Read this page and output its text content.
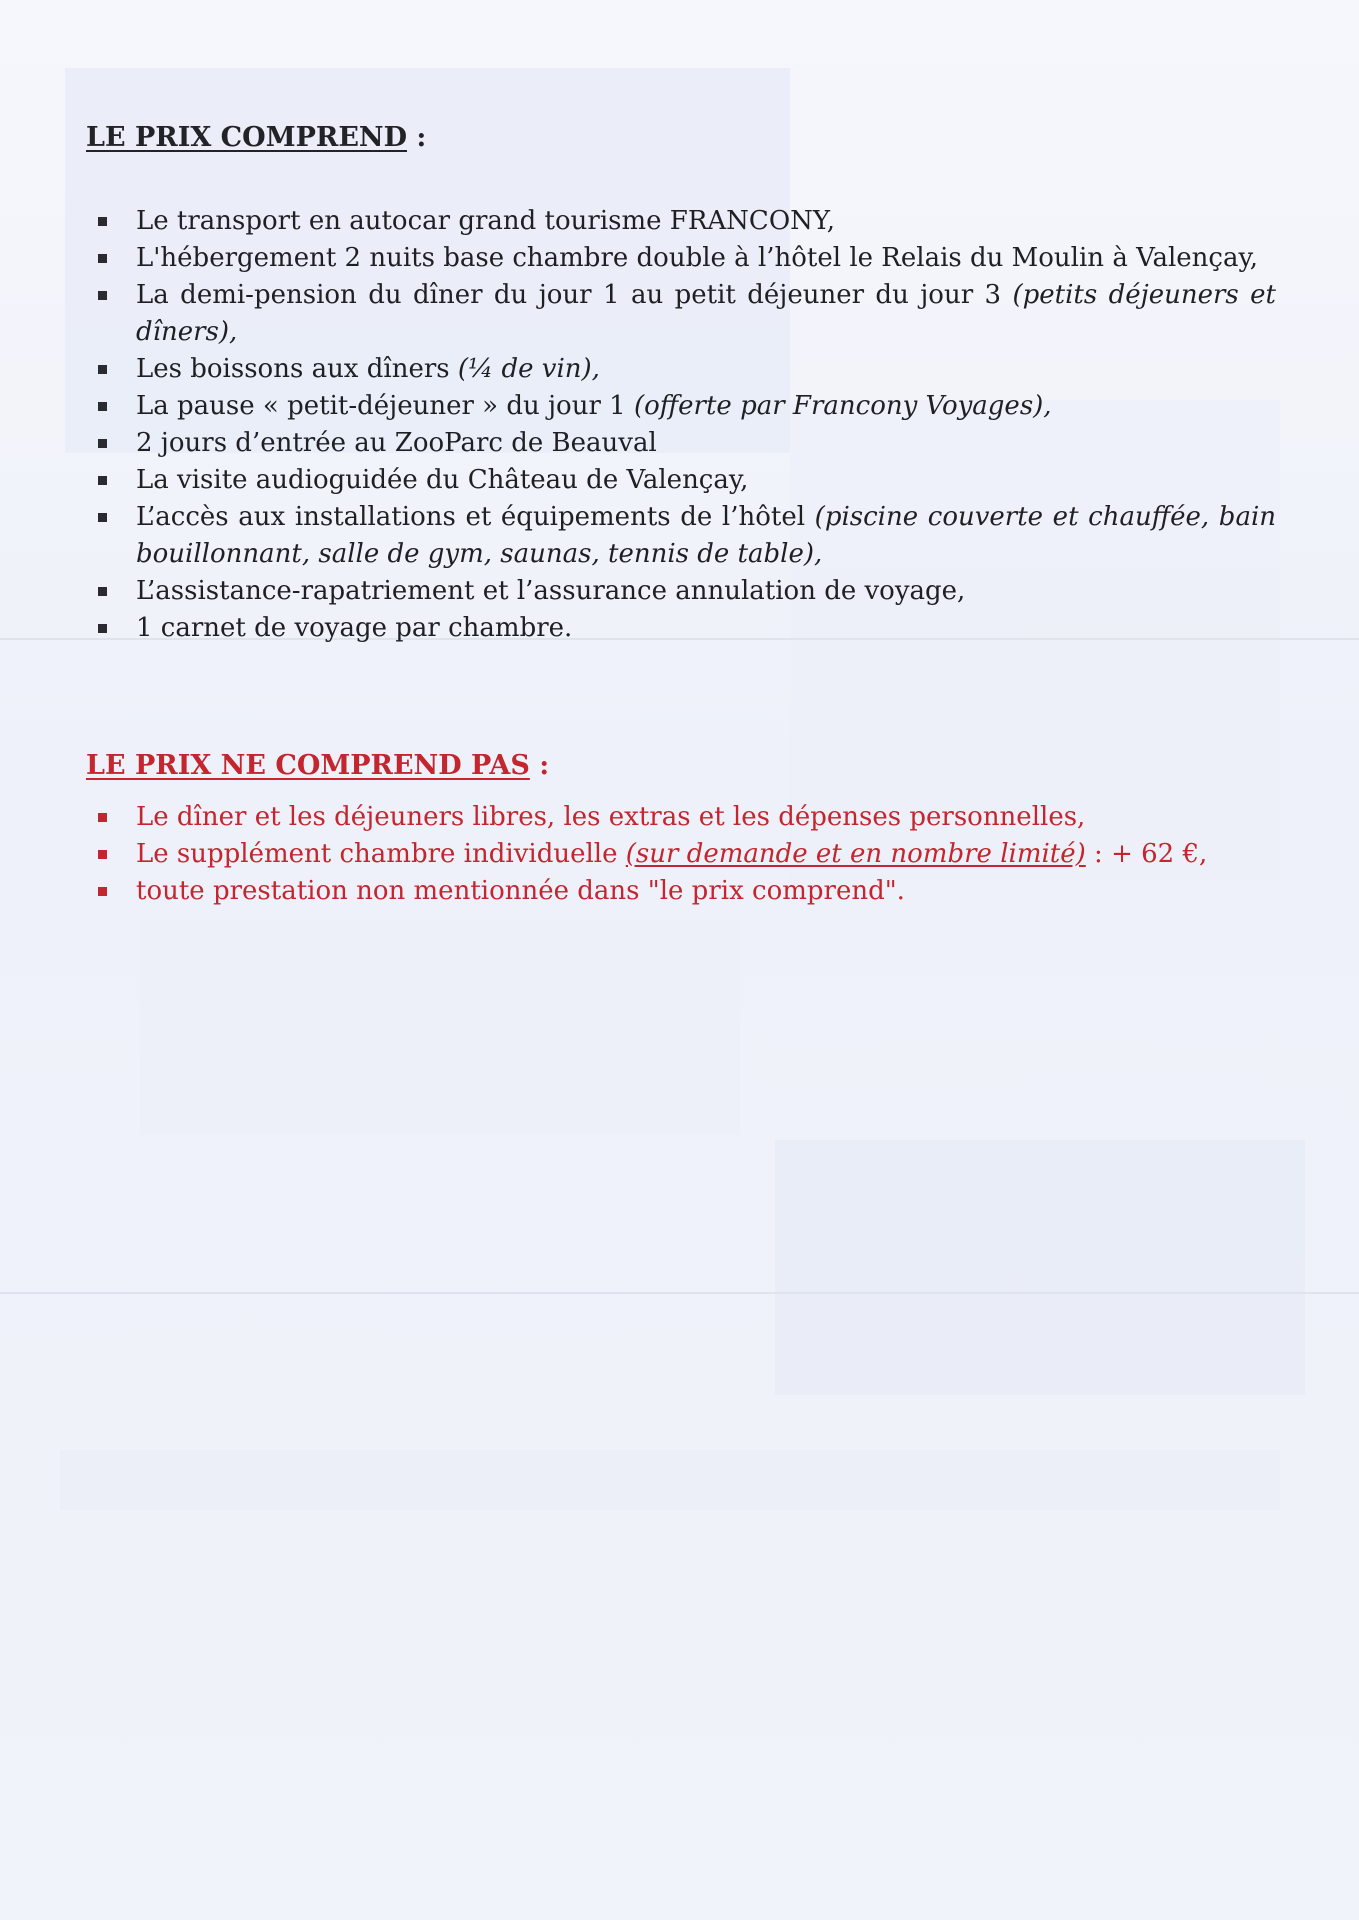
LE PRIX COMPREND :
Le transport en autocar grand tourisme FRANCONY,
L'hébergement 2 nuits base chambre double à l’hôtel le Relais du Moulin à Valençay,
La demi-pension du dîner du jour 1 au petit déjeuner du jour 3 (petits déjeuners et dîners),
Les boissons aux dîners (¼ de vin),
La pause « petit-déjeuner » du jour 1 (offerte par Francony Voyages),
2 jours d’entrée au ZooParc de Beauval
La visite audioguidée du Château de Valençay,
L’accès aux installations et équipements de l’hôtel (piscine couverte et chauffée, bain bouillonnant, salle de gym, saunas, tennis de table),
L’assistance-rapatriement et l’assurance annulation de voyage,
1 carnet de voyage par chambre.
LE PRIX NE COMPREND PAS :
Le dîner et les déjeuners libres, les extras et les dépenses personnelles,
Le supplément chambre individuelle (sur demande et en nombre limité) : + 62 €,
toute prestation non mentionnée dans "le prix comprend".
